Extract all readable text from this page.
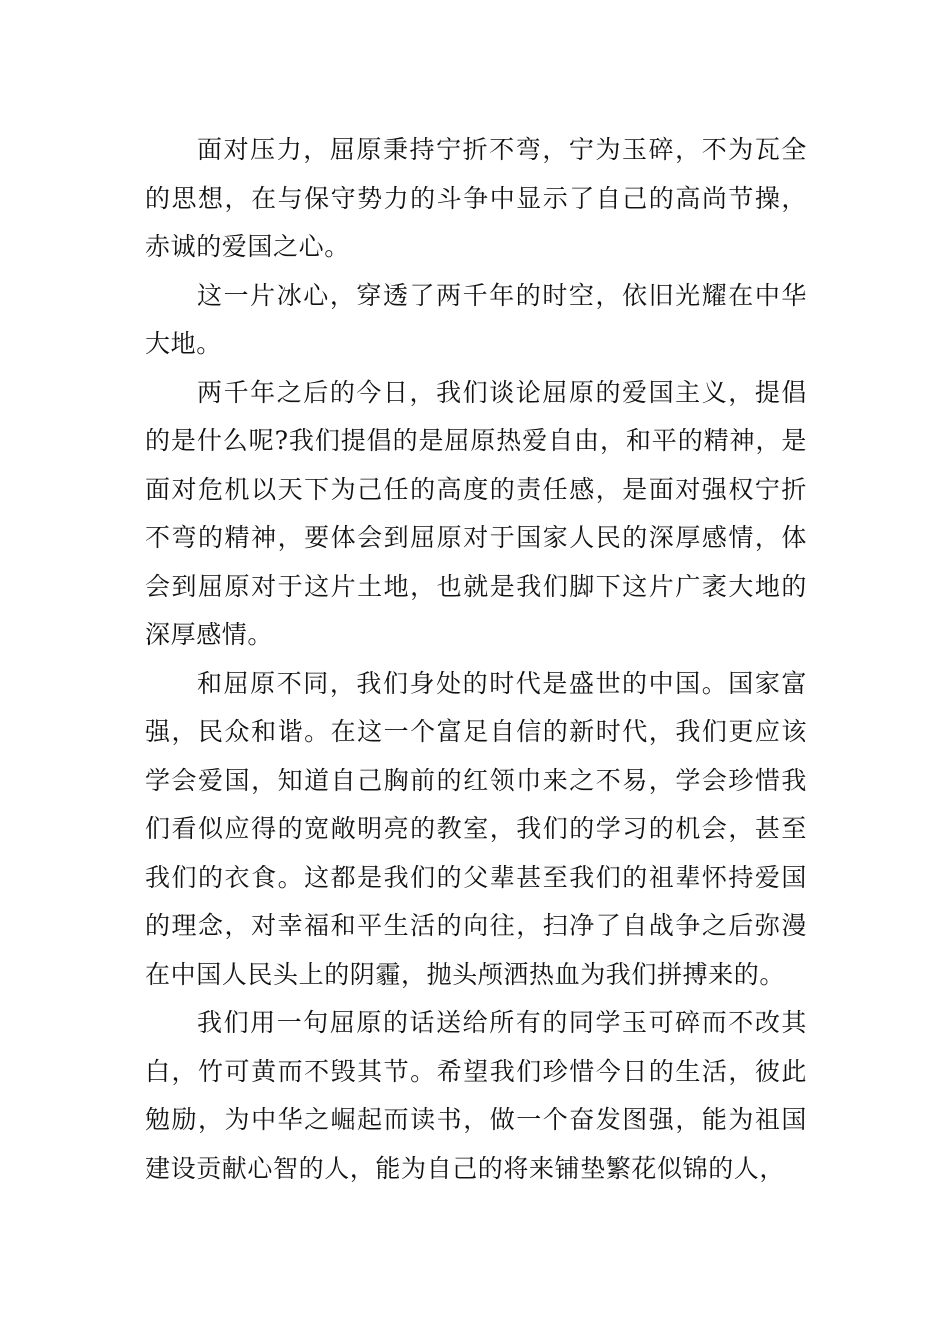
面对压力，屈原秉持宁折不弯，宁为玉碎，不为瓦全的思想，在与保守势力的斗争中显示了自己的高尚节操，赤诚的爱国之心。

这一片冰心，穿透了两千年的时空，依旧光耀在中华大地。

两千年之后的今日，我们谈论屈原的爱国主义，提倡的是什么呢?我们提倡的是屈原热爱自由，和平的精神，是面对危机以天下为己任的高度的责任感，是面对强权宁折不弯的精神，要体会到屈原对于国家人民的深厚感情，体会到屈原对于这片土地，也就是我们脚下这片广袤大地的深厚感情。

和屈原不同，我们身处的时代是盛世的中国。国家富强，民众和谐。在这一个富足自信的新时代，我们更应该学会爱国，知道自己胸前的红领巾来之不易，学会珍惜我们看似应得的宽敞明亮的教室，我们的学习的机会，甚至我们的衣食。这都是我们的父辈甚至我们的祖辈怀持爱国的理念，对幸福和平生活的向往，扫净了自战争之后弥漫在中国人民头上的阴霾，抛头颅洒热血为我们拼搏来的。

我们用一句屈原的话送给所有的同学玉可碎而不改其白，竹可黄而不毁其节。希望我们珍惜今日的生活，彼此勉励，为中华之崛起而读书，做一个奋发图强，能为祖国建设贡献心智的人，能为自己的将来铺垫繁花似锦的人，
